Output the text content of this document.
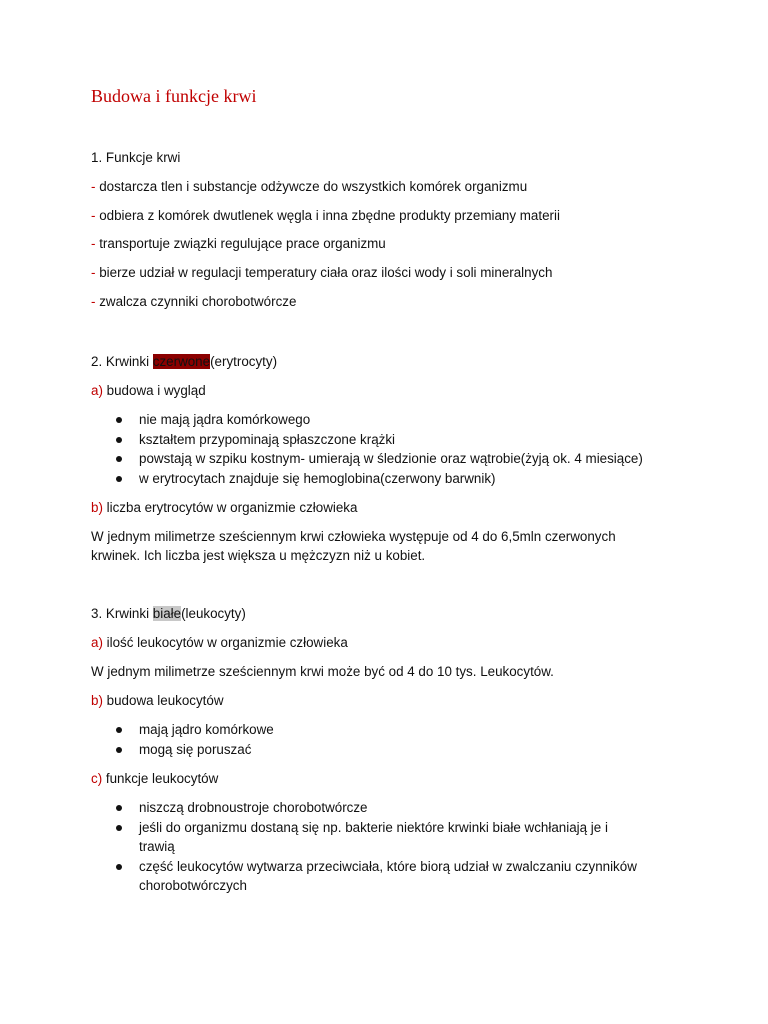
Budowa i funkcje krwi
1. Funkcje krwi
- dostarcza tlen i substancje odżywcze do wszystkich komórek organizmu
- odbiera z komórek dwutlenek węgla i inna zbędne produkty przemiany materii
- transportuje związki regulujące prace organizmu
- bierze udział w regulacji temperatury ciała oraz ilości wody i soli mineralnych
- zwalcza czynniki chorobotwórcze
2. Krwinki czerwone(erytrocyty)
a) budowa i wygląd
nie mają jądra komórkowego
kształtem przypominają spłaszczone krążki
powstają w szpiku kostnym- umierają w śledzionie oraz wątrobie(żyją ok. 4 miesiące)
w erytrocytach znajduje się hemoglobina(czerwony barwnik)
b) liczba erytrocytów w organizmie człowieka
W jednym milimetrze sześciennym krwi człowieka występuje od 4 do 6,5mln czerwonych
krwinek. Ich liczba jest większa u mężczyzn niż u kobiet.
3. Krwinki białe(leukocyty)
a) ilość leukocytów w organizmie człowieka
W jednym milimetrze sześciennym krwi może być od 4 do 10 tys. Leukocytów.
b) budowa leukocytów
mają jądro komórkowe
mogą się poruszać
c) funkcje leukocytów
niszczą drobnoustroje chorobotwórcze
jeśli do organizmu dostaną się np. bakterie niektóre krwinki białe wchłaniają je i
trawią
część leukocytów wytwarza przeciwciała, które biorą udział w zwalczaniu czynników
chorobotwórczych
